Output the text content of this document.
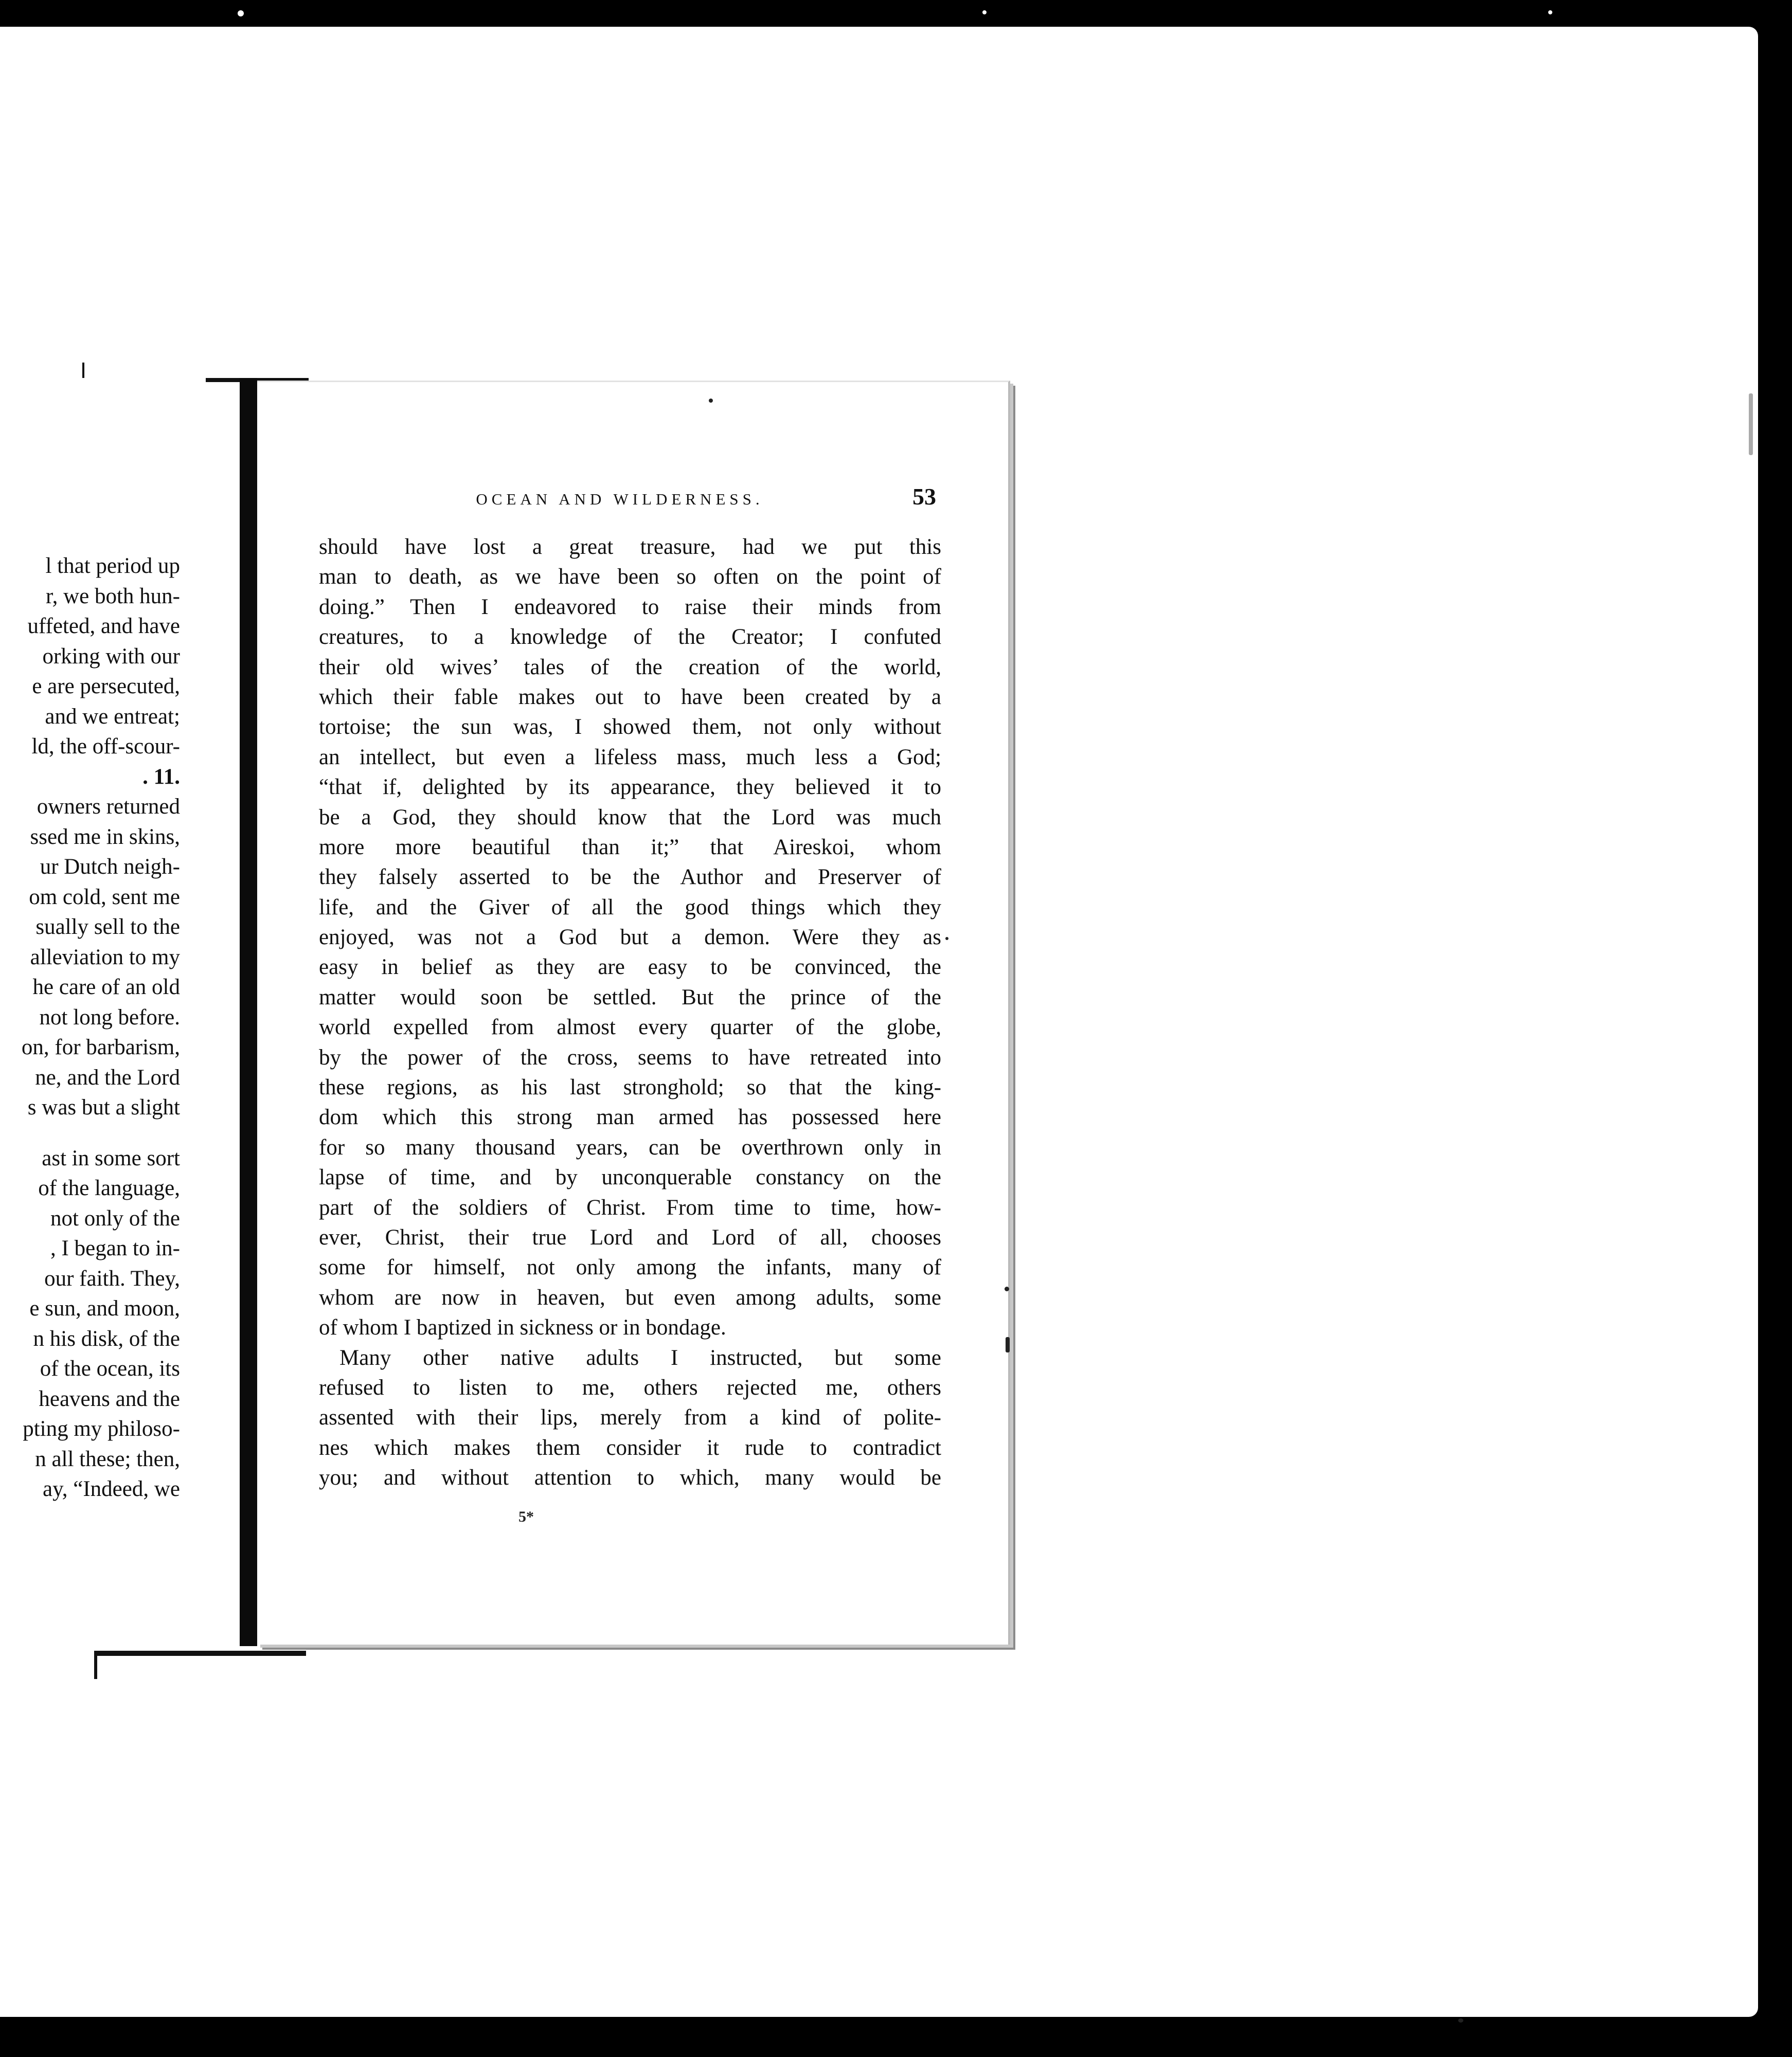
l that period up
r, we both hun-
uffeted, and have
orking with our
e are persecuted,
and we entreat;
ld, the off-scour-
. 11.
owners returned
ssed me in skins,
ur Dutch neigh-
om cold, sent me
sually sell to the
alleviation to my
he care of an old
not long before.
on, for barbarism,
ne, and the Lord
s was but a slight
ast in some sort
of the language,
not only of the
, I began to in-
our faith. They,
e sun, and moon,
n his disk, of the
of the ocean, its
heavens and the
pting my philoso-
n all these; then,
ay, “Indeed, we
OCEAN AND WILDERNESS.	53
should have lost a great treasure, had we put this
man to death, as we have been so often on the point of
doing.” Then I endeavored to raise their minds from
creatures, to a knowledge of the Creator; I confuted
their old wives’ tales of the creation of the world,
which their fable makes out to have been created by a
tortoise; the sun was, I showed them, not only without
an intellect, but even a lifeless mass, much less a God;
“that if, delighted by its appearance, they believed it to
be a God, they should know that the Lord was much
more more beautiful than it;” that Aireskoi, whom
they falsely asserted to be the Author and Preserver of
life, and the Giver of all the good things which they
enjoyed, was not a God but a demon. Were they as
easy in belief as they are easy to be convinced, the
matter would soon be settled. But the prince of the
world expelled from almost every quarter of the globe,
by the power of the cross, seems to have retreated into
these regions, as his last stronghold; so that the king-
dom which this strong man armed has possessed here
for so many thousand years, can be overthrown only in
lapse of time, and by unconquerable constancy on the
part of the soldiers of Christ. From time to time, how-
ever, Christ, their true Lord and Lord of all, chooses
some for himself, not only among the infants, many of
whom are now in heaven, but even among adults, some
of whom I baptized in sickness or in bondage.
Many other native adults I instructed, but some
refused to listen to me, others rejected me, others
assented with their lips, merely from a kind of polite-
nes which makes them consider it rude to contradict
you; and without attention to which, many would be
5*
